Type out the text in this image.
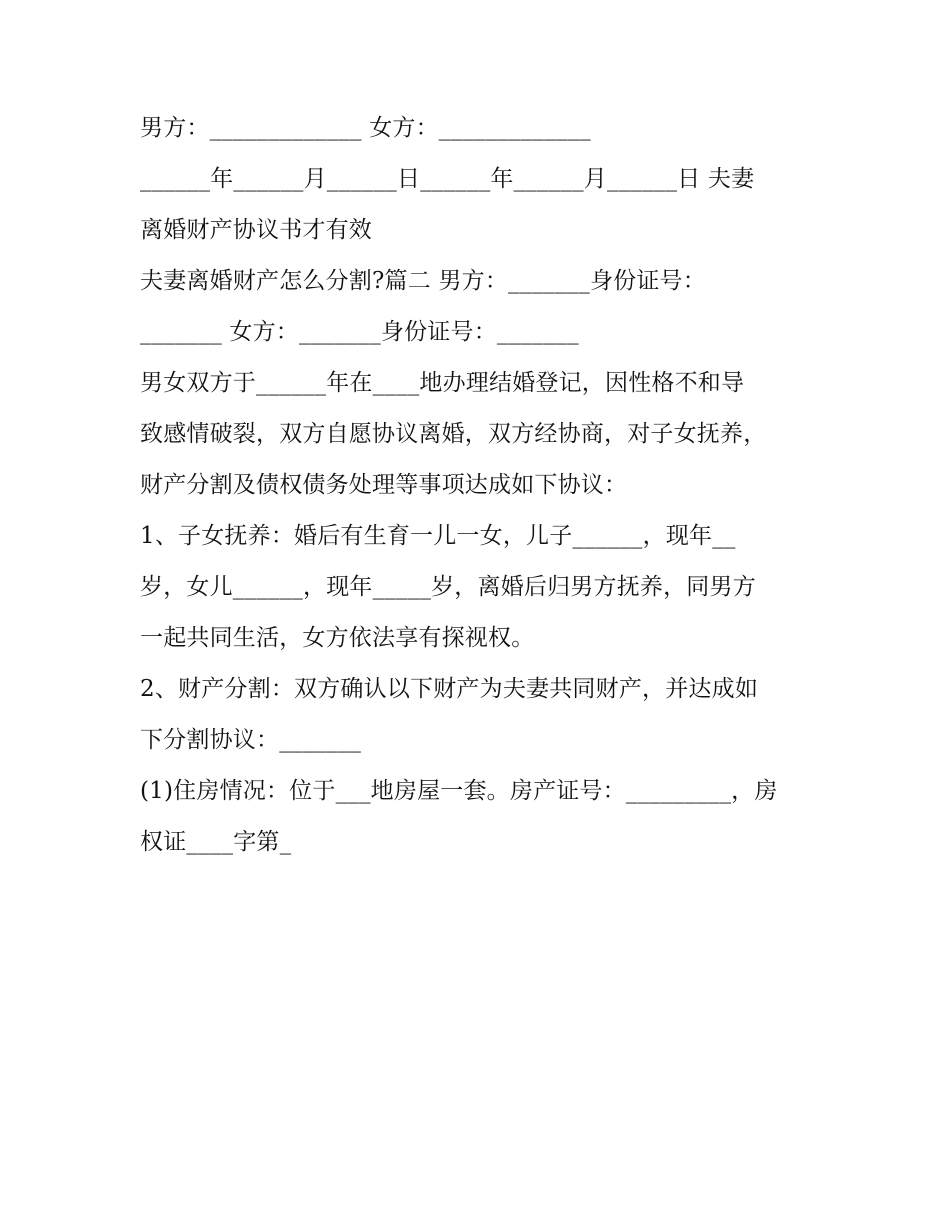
男方：_____________ 女方：_____________
______年______月______日______年______月______日 夫妻
离婚财产协议书才有效
夫妻离婚财产怎么分割?篇二 男方：_______身份证号：
_______ 女方：_______身份证号：_______
男女双方于______年在____地办理结婚登记，因性格不和导
致感情破裂，双方自愿协议离婚，双方经协商，对子女抚养，
财产分割及债权债务处理等事项达成如下协议：
1、子女抚养：婚后有生育一儿一女，儿子______，现年__
岁，女儿______，现年_____岁，离婚后归男方抚养，同男方
一起共同生活，女方依法享有探视权。
2、财产分割：双方确认以下财产为夫妻共同财产，并达成如
下分割协议：_______
(1)住房情况：位于___地房屋一套。房产证号：_________，房
权证____字第_
